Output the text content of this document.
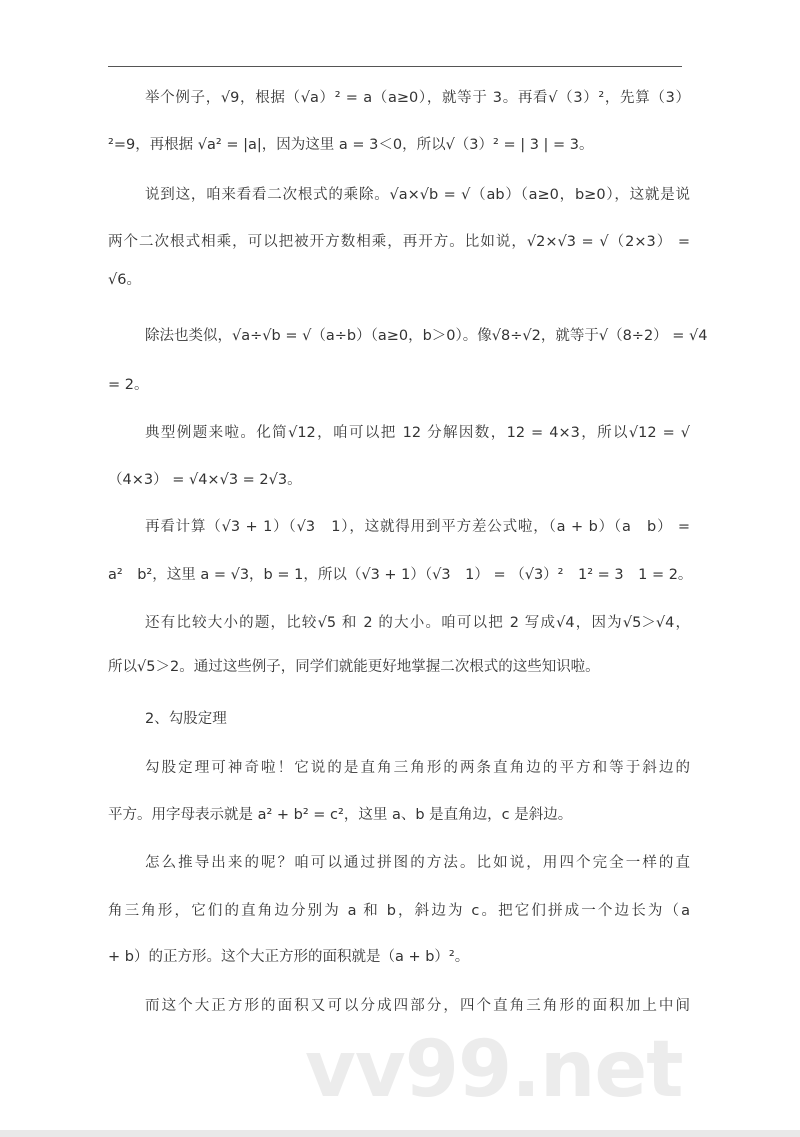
举个例子，√9，根据（√a）² = a（a≥0），就等于 3。再看√（3）²，先算（3）
²=9，再根据 √a² = |a|，因为这里 a = 3＜0，所以√（3）² = | 3 | = 3。
说到这，咱来看看二次根式的乘除。√a×√b = √（ab）（a≥0，b≥0），这就是说
两个二次根式相乘，可以把被开方数相乘，再开方。比如说，√2×√3 = √（2×3） =
√6。
除法也类似，√a÷√b = √（a÷b）（a≥0，b＞0）。像√8÷√2，就等于√（8÷2） = √4
= 2。
典型例题来啦。化简√12，咱可以把 12 分解因数，12 = 4×3，所以√12 = √
（4×3） = √4×√3 = 2√3。
再看计算（√3 + 1）（√3　1），这就得用到平方差公式啦，（a + b）（a　b） =
a²　b²，这里 a = √3，b = 1，所以（√3 + 1）（√3　1） = （√3）²　1² = 3　1 = 2。
还有比较大小的题，比较√5 和 2 的大小。咱可以把 2 写成√4，因为√5＞√4，
所以√5＞2。通过这些例子，同学们就能更好地掌握二次根式的这些知识啦。
2、勾股定理
勾股定理可神奇啦！它说的是直角三角形的两条直角边的平方和等于斜边的
平方。用字母表示就是 a² + b² = c²，这里 a、b 是直角边，c 是斜边。
怎么推导出来的呢？咱可以通过拼图的方法。比如说，用四个完全一样的直
角三角形，它们的直角边分别为 a 和 b，斜边为 c。把它们拼成一个边长为（a
+ b）的正方形。这个大正方形的面积就是（a + b）²。
而这个大正方形的面积又可以分成四部分，四个直角三角形的面积加上中间
vv99.net
